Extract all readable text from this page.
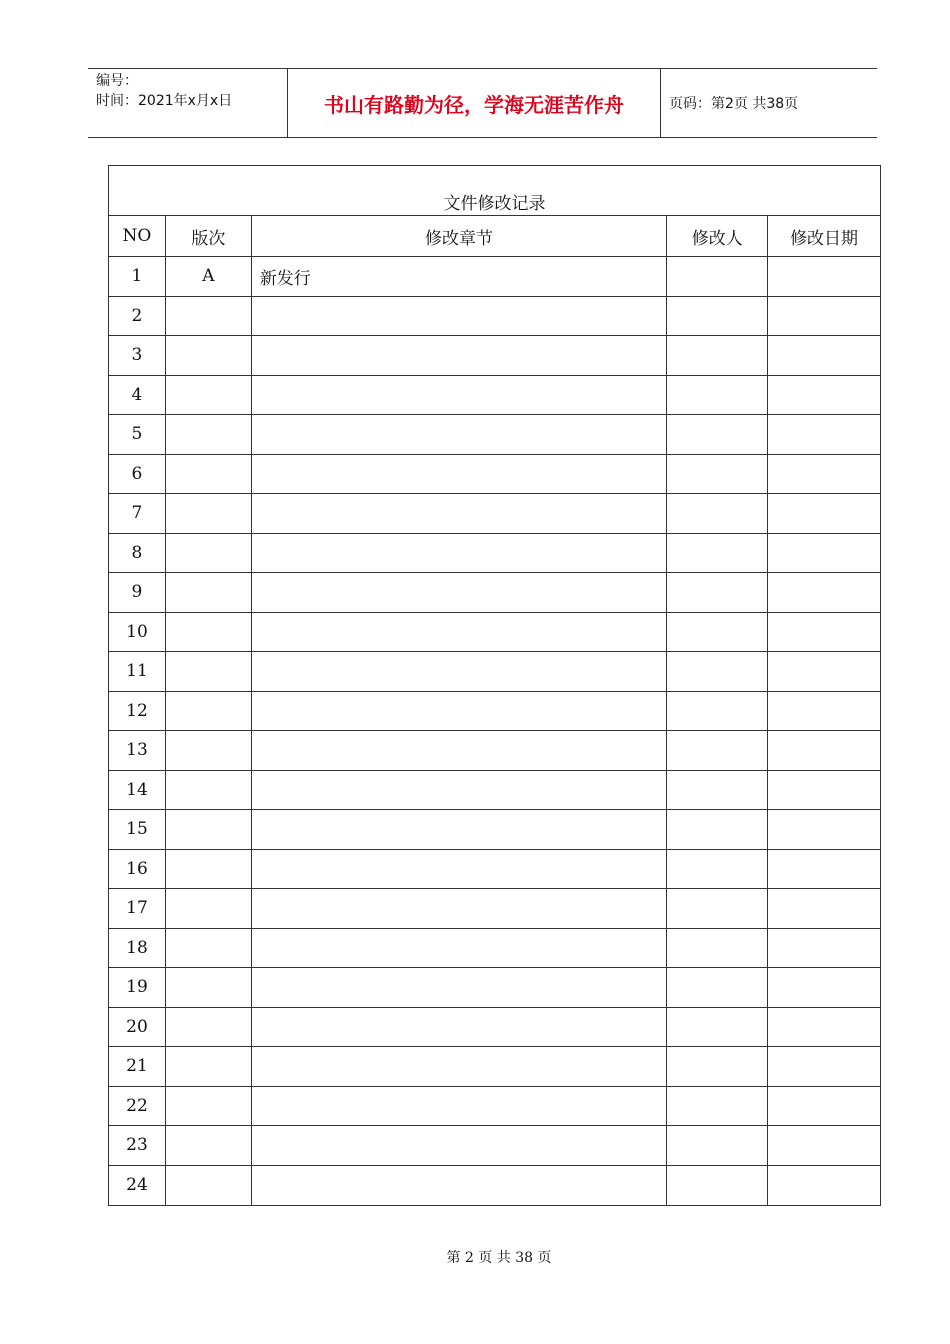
编号：
时间：2021年x月x日	书山有路勤为径，学海无涯苦作舟	页码：第2页 共38页
文件修改记录
NO	版次	修改章节	修改人	修改日期
1	A	新发行
2
3
4
5
6
7
8
9
10
11
12
13
14
15
16
17
18
19
20
21
22
23
24
第 2 页 共 38 页
